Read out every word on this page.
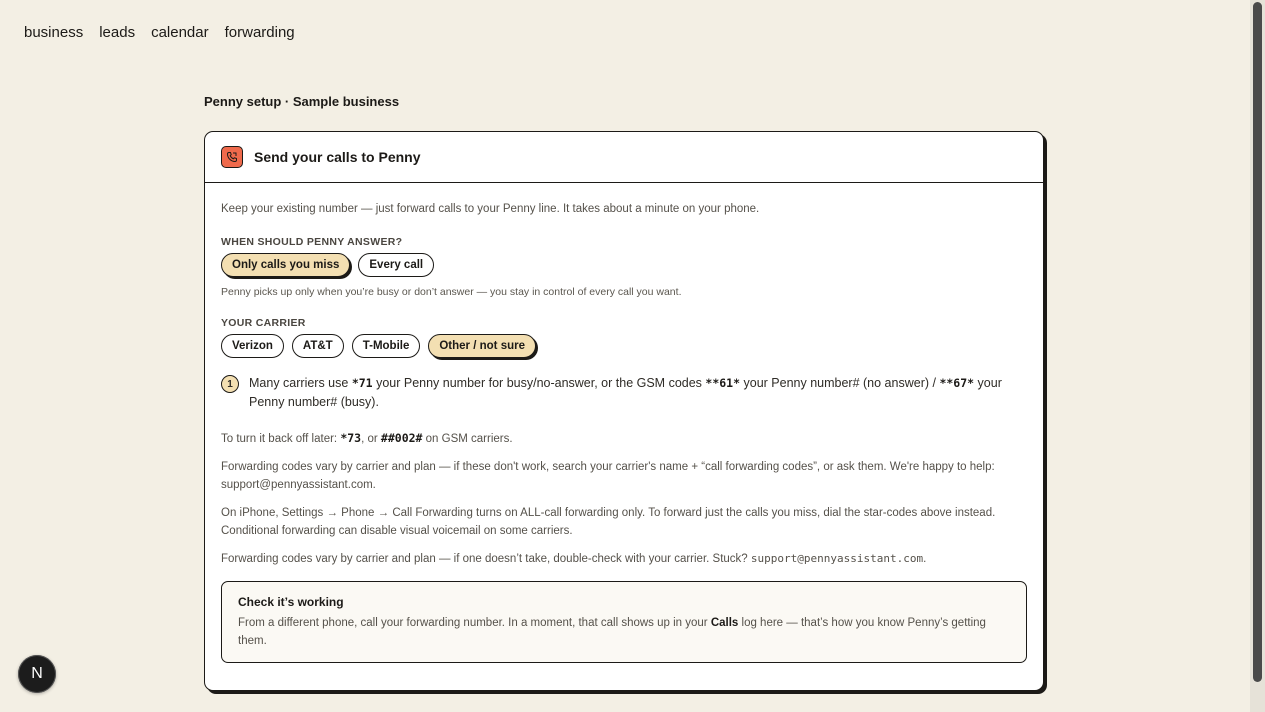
business leads calendar forwarding
Penny setup · Sample business
Send your calls to Penny

Keep your existing number — just forward calls to your Penny line. It takes about a minute on your phone.

WHEN SHOULD PENNY ANSWER?
Only calls you miss	Every call
Penny picks up only when you’re busy or don’t answer — you stay in control of every call you want.
YOUR CARRIER
Verizon	AT&T	T-Mobile	Other / not sure
1	Many carriers use *71 your Penny number for busy/no-answer, or the GSM codes **61* your Penny number# (no answer) / **67* your Penny number# (busy).
To turn it back off later: *73, or ##002# on GSM carriers.
Forwarding codes vary by carrier and plan — if these don't work, search your carrier's name + “call forwarding codes”, or ask them. We're happy to help: support@pennyassistant.com.
On iPhone, Settings → Phone → Call Forwarding turns on ALL-call forwarding only. To forward just the calls you miss, dial the star-codes above instead. Conditional forwarding can disable visual voicemail on some carriers.
Forwarding codes vary by carrier and plan — if one doesn’t take, double-check with your carrier. Stuck? support@pennyassistant.com.
Check it’s working
From a different phone, call your forwarding number. In a moment, that call shows up in your Calls log here — that’s how you know Penny’s getting them.
N
